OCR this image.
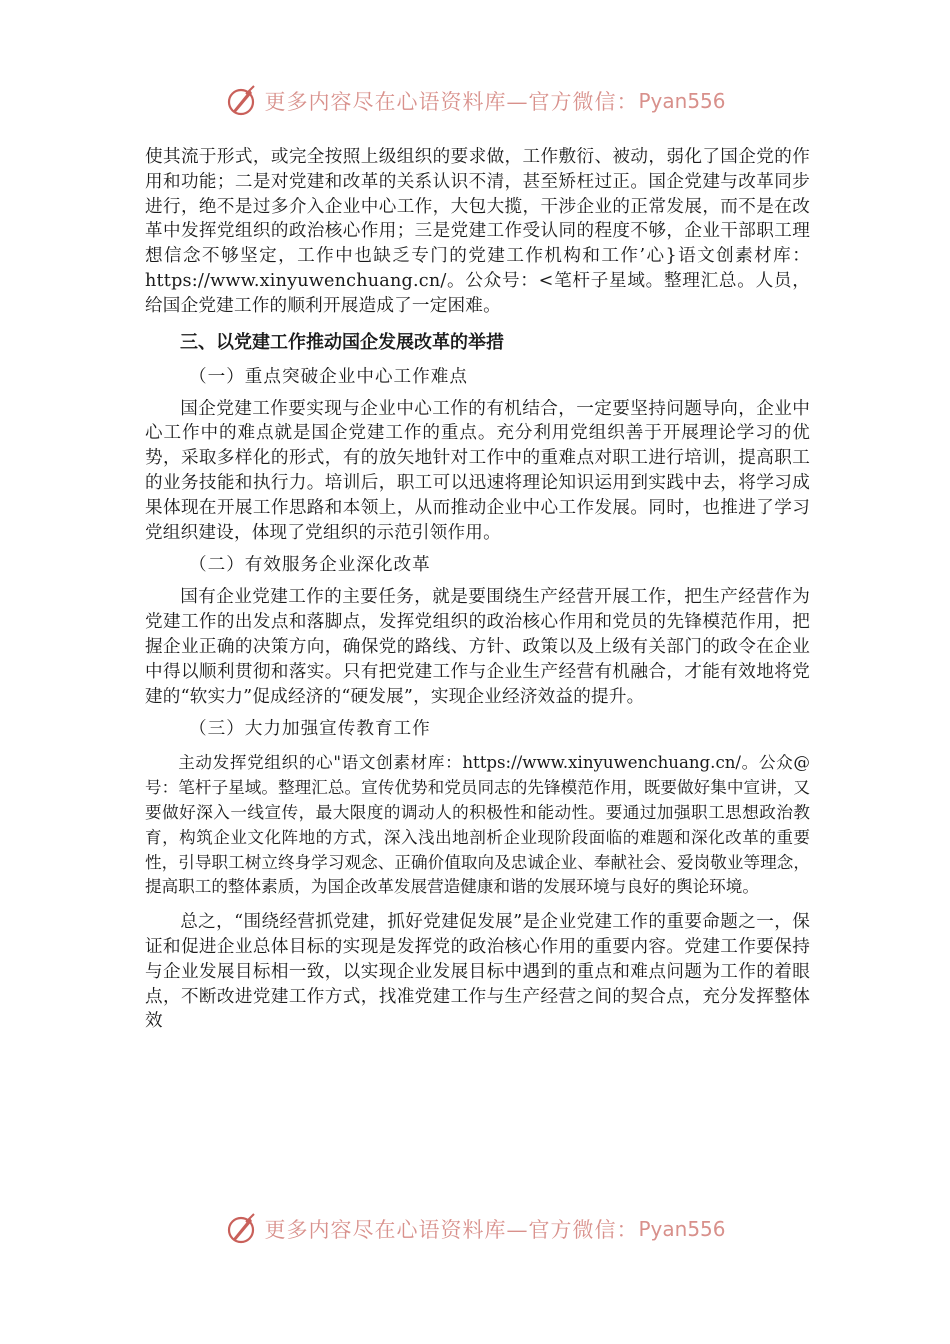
更多内容尽在心语资料库—官方微信： Pyan556

使其流于形式，或完全按照上级组织的要求做，工作敷衍、被动，弱化了国企党的作用和功能；二是对党建和改革的关系认识不清，甚至矫枉过正。国企党建与改革同步进行，绝不是过多介入企业中心工作，大包大揽，干涉企业的正常发展，而不是在改革中发挥党组织的政治核心作用；三是党建工作受认同的程度不够，企业干部职工理想信念不够坚定，工作中也缺乏专门的党建工作机构和工作’心}语文创素材库：https://www.xinyuwenchuang.cn/。公众号：<笔杆子星域。整理汇总。人员，给国企党建工作的顺利开展造成了一定困难。

三、以党建工作推动国企发展改革的举措
（一）重点突破企业中心工作难点

国企党建工作要实现与企业中心工作的有机结合，一定要坚持问题导向，企业中心工作中的难点就是国企党建工作的重点。充分利用党组织善于开展理论学习的优势，采取多样化的形式，有的放矢地针对工作中的重难点对职工进行培训，提高职工的业务技能和执行力。培训后，职工可以迅速将理论知识运用到实践中去，将学习成果体现在开展工作思路和本领上，从而推动企业中心工作发展。同时，也推进了学习党组织建设，体现了党组织的示范引领作用。

（二）有效服务企业深化改革

国有企业党建工作的主要任务，就是要围绕生产经营开展工作，把生产经营作为党建工作的出发点和落脚点，发挥党组织的政治核心作用和党员的先锋模范作用，把握企业正确的决策方向，确保党的路线、方针、政策以及上级有关部门的政令在企业中得以顺利贯彻和落实。只有把党建工作与企业生产经营有机融合，才能有效地将党建的“软实力”促成经济的“硬发展”，实现企业经济效益的提升。

（三）大力加强宣传教育工作

主动发挥党组织的心"语文创素材库：https://www.xinyuwenchuang.cn/。公众@号：笔杆子星域。整理汇总。宣传优势和党员同志的先锋模范作用，既要做好集中宣讲，又要做好深入一线宣传，最大限度的调动人的积极性和能动性。要通过加强职工思想政治教育，构筑企业文化阵地的方式，深入浅出地剖析企业现阶段面临的难题和深化改革的重要性，引导职工树立终身学习观念、正确价值取向及忠诚企业、奉献社会、爱岗敬业等理念，提高职工的整体素质，为国企改革发展营造健康和谐的发展环境与良好的舆论环境。

总之，“围绕经营抓党建，抓好党建促发展”是企业党建工作的重要命题之一，保证和促进企业总体目标的实现是发挥党的政治核心作用的重要内容。党建工作要保持与企业发展目标相一致，以实现企业发展目标中遇到的重点和难点问题为工作的着眼点，不断改进党建工作方式，找准党建工作与生产经营之间的契合点，充分发挥整体效

更多内容尽在心语资料库—官方微信： Pyan556
